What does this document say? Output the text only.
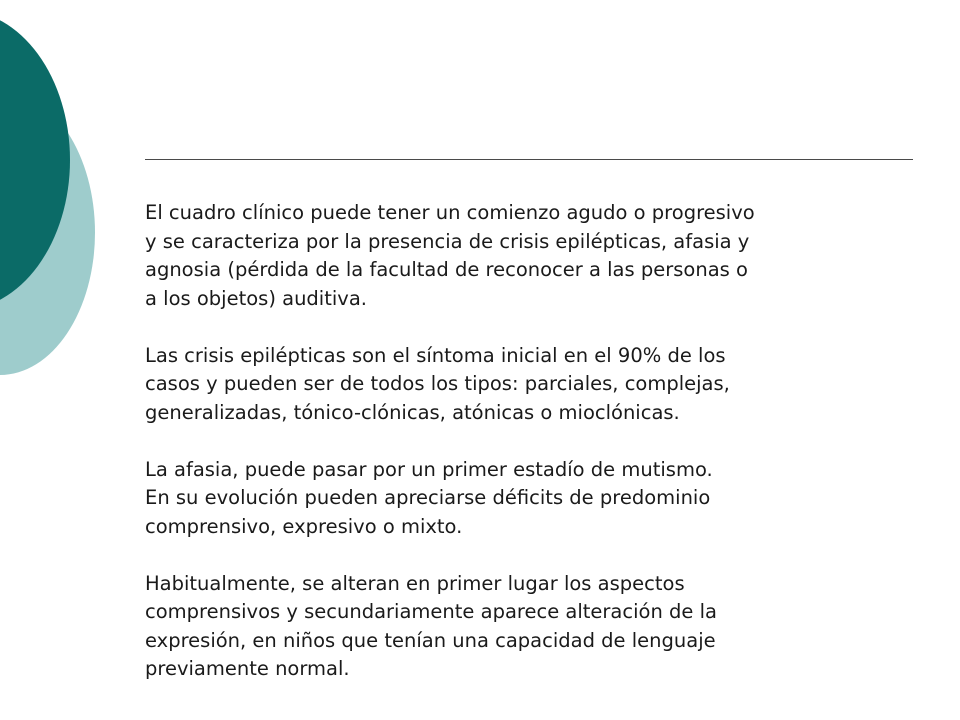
El cuadro clínico puede tener un comienzo agudo o progresivo
y se caracteriza por la presencia de crisis epilépticas, afasia y
agnosia (pérdida de la facultad de reconocer a las personas o
a los objetos) auditiva.

Las crisis epilépticas son el síntoma inicial en el 90% de los
casos y pueden ser de todos los tipos: parciales, complejas,
generalizadas, tónico-clónicas, atónicas o mioclónicas.

La afasia, puede pasar por un primer estadío de mutismo.
En su evolución pueden apreciarse déficits de predominio
comprensivo, expresivo o mixto.

Habitualmente, se alteran en primer lugar los aspectos
comprensivos y secundariamente aparece alteración de la
expresión, en niños que tenían una capacidad de lenguaje
previamente normal.
